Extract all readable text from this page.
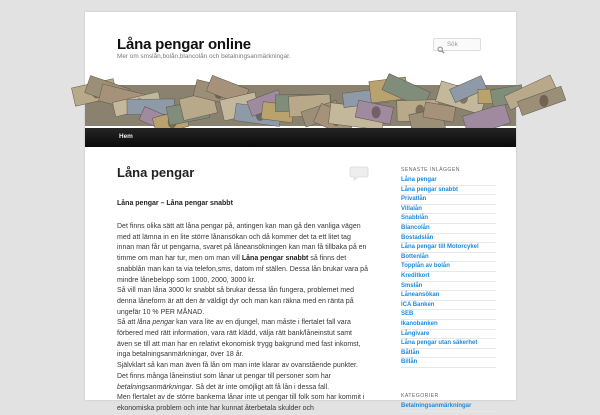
Låna pengar online

Mer om smslån,bolån,blancolån och betalningsanmärkningar.

Sök
Hem
Låna pengar
Låna pengar – Låna pengar snabbt

Det finns olika sätt att låna pengar på, antingen kan man gå den vanliga vägen med att lämna in en lite större lånansökan och då kommer det ta ett litet tag innan man får ut pengarna, svaret på låneansökningen kan man få tillbaka på en timme om man har tur, men om man vill Låna pengar snabbt så finns det snabblån man kan ta via telefon,sms, datom mf ställen. Dessa lån brukar vara på mindre lånebelopp som 1000, 2000, 3000 kr.

Så vill man låna 3000 kr snabbt så brukar dessa lån fungera, problemet med denna låneform är att den är väldigt dyr och man kan räkna med en ränta på ungefär 10 % PER MÅNAD.

Så att låna pengar kan vara lite av en djungel, man måste i flertalet fall vara förbered med rätt information, vara rätt klädd, välja rätt bank/låneinstut samt även se till att man har en relativt ekonomisk trygg bakgrund med fast inkomst, inga betalningsanmärkningar, över 18 år.

Självklart så kan man även få lån om man inte klarar av ovanstående punkter. Det finns många låneinstiut som lånar ut pengar till personer som har betalningsanmärkningar. Så det är inte omöjligt att få lån i dessa fall.

Men flertalet av de större bankerna lånar inte ut pengar till folk som har kommit i ekonomiska problem och inte har kunnat återbetala skulder och

SENASTE INLÄGGEN
Låna pengar
Låna pengar snabbt
Privatlån
Villalån
Snabblån
Blancolån
Bostadslån
Låna pengar till Motorcykel
Bottenlån
Topplån av bolån
Kreditkort
Smslån
Låneansökan
ICA Banken
SEB
Ikanobanken
Långivare
Låna pengar utan säkerhet
Båtlån
Billån
KATEGORIER
Betalningsanmärkningar
